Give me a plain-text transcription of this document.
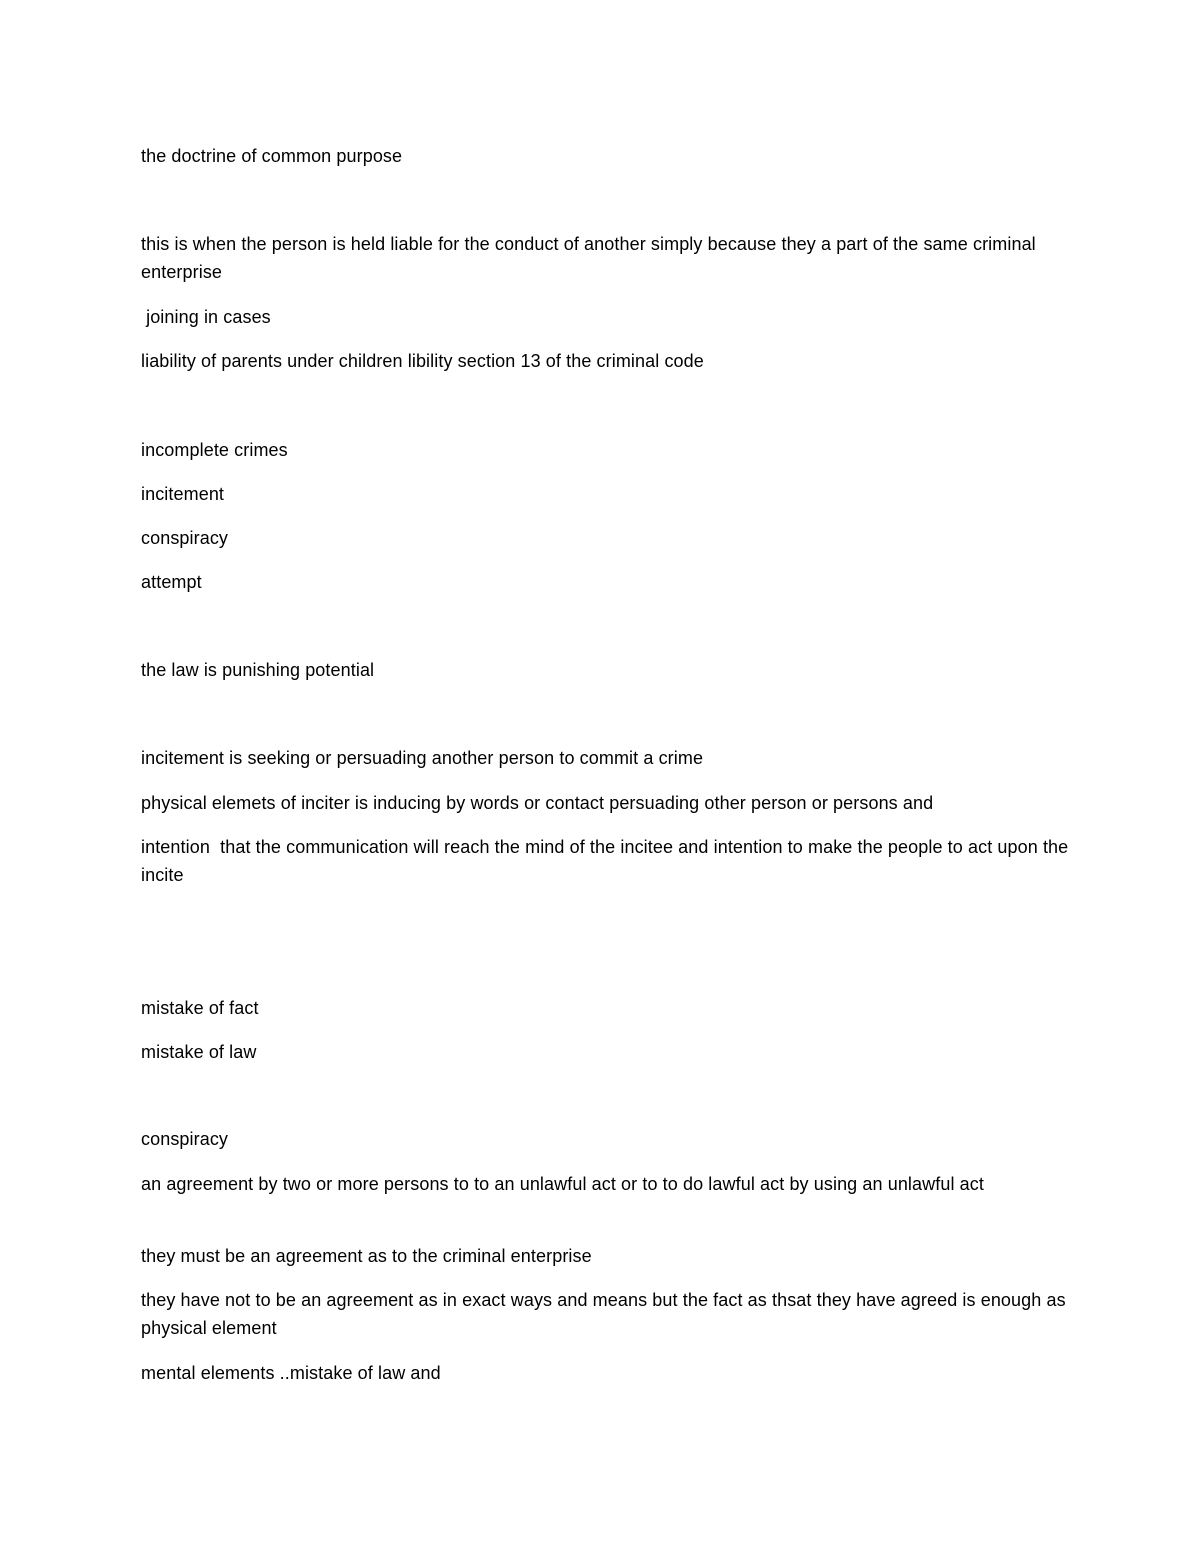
the doctrine of common purpose
this is when the person is held liable for the conduct of another simply because they a part of the same criminal enterprise
joining in cases
liability of parents under children libility section 13 of the criminal code
incomplete crimes
incitement
conspiracy
attempt
the law is punishing potential
incitement is seeking or persuading another person to commit a crime
physical elemets of inciter is inducing by words or contact persuading other person or persons and
intention  that the communication will reach the mind of the incitee and intention to make the people to act upon the incite
mistake of fact
mistake of law
conspiracy
an agreement by two or more persons to to an unlawful act or to to do lawful act by using an unlawful act
they must be an agreement as to the criminal enterprise
they have not to be an agreement as in exact ways and means but the fact as thsat they have agreed is enough as physical element
mental elements ..mistake of law and
